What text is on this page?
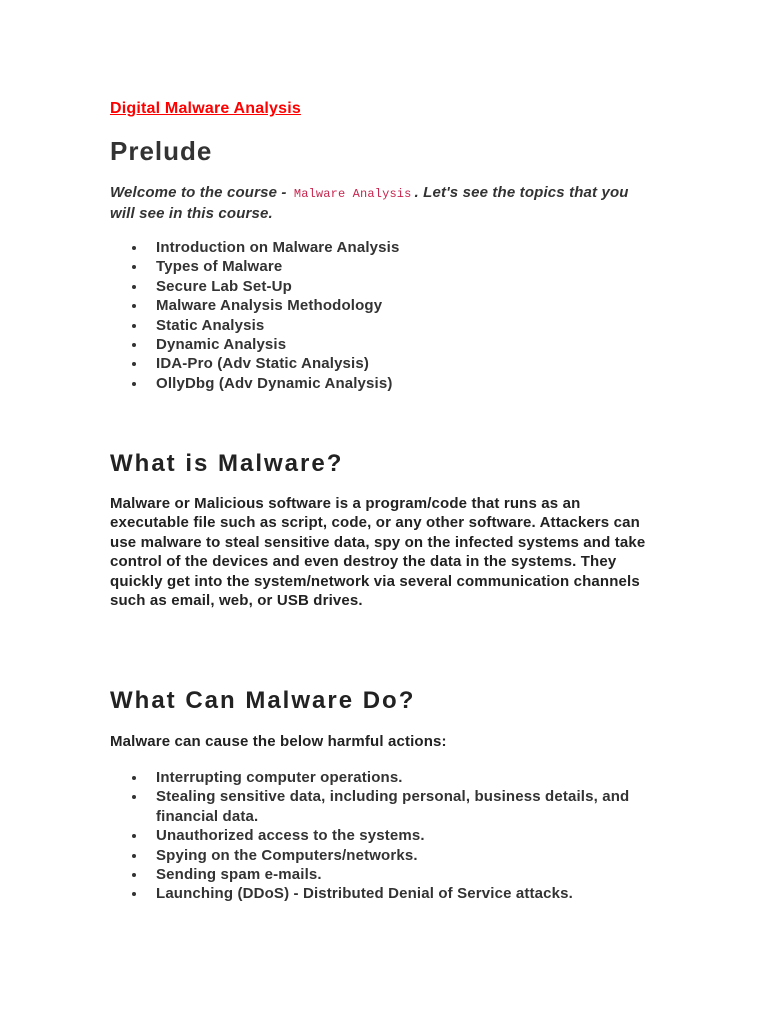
Digital Malware Analysis
Prelude

Welcome to the course - Malware Analysis . Let's see the topics that you will see in this course.

Introduction on Malware Analysis
Types of Malware
Secure Lab Set-Up
Malware Analysis Methodology
Static Analysis
Dynamic Analysis
IDA-Pro (Adv Static Analysis)
OllyDbg (Adv Dynamic Analysis)
What is Malware?

Malware or Malicious software is a program/code that runs as an executable file such as script, code, or any other software. Attackers can use malware to steal sensitive data, spy on the infected systems and take control of the devices and even destroy the data in the systems. They quickly get into the system/network via several communication channels such as email, web, or USB drives.

What Can Malware Do?

Malware can cause the below harmful actions:

Interrupting computer operations.
Stealing sensitive data, including personal, business details, and financial data.
Unauthorized access to the systems.
Spying on the Computers/networks.
Sending spam e-mails.
Launching (DDoS) - Distributed Denial of Service attacks.
